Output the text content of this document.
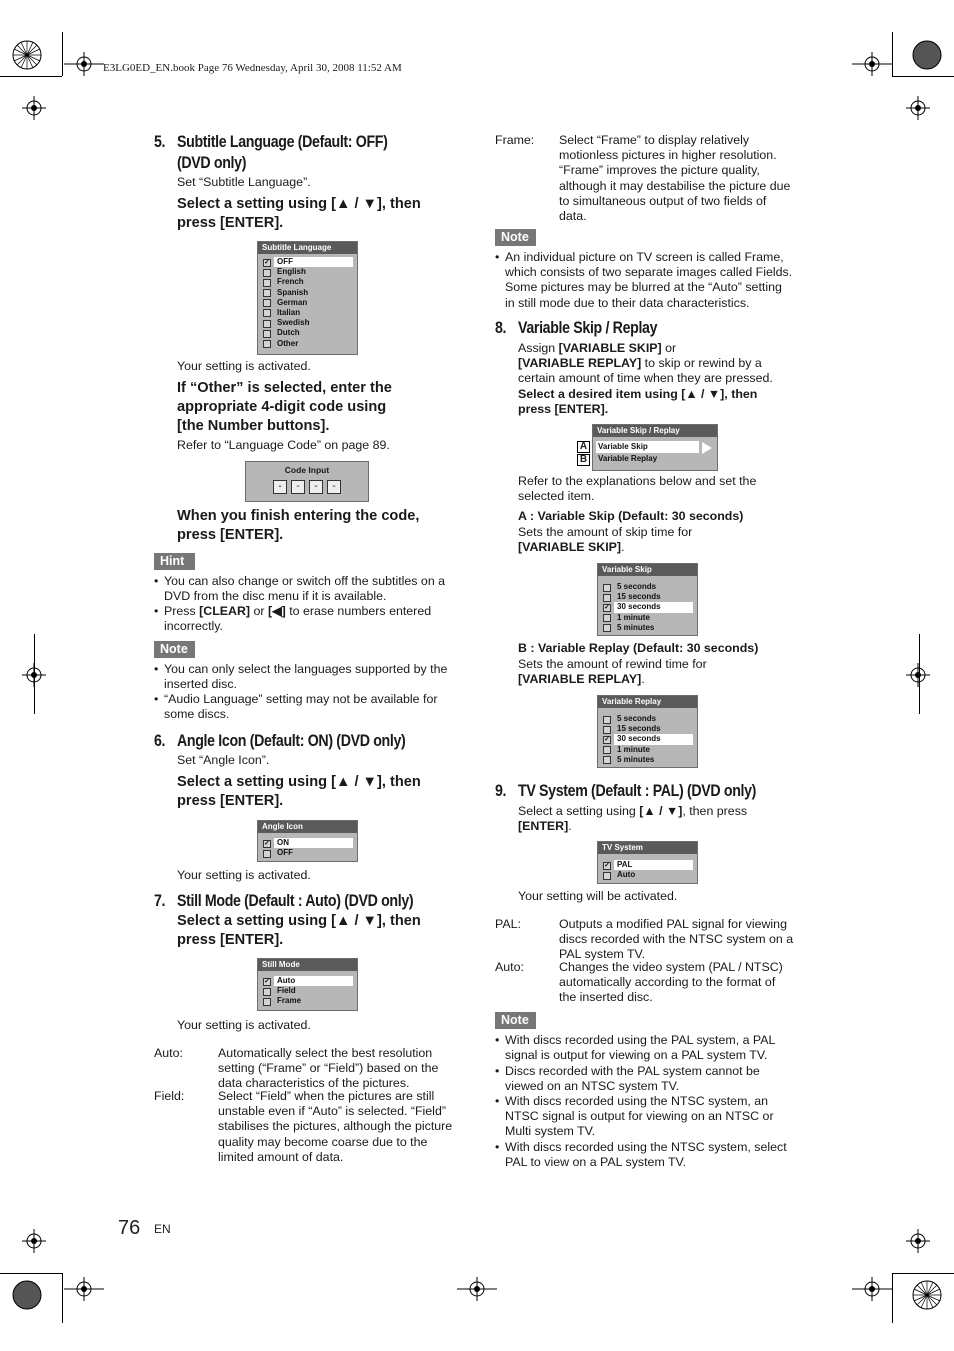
E3LG0ED_EN.book Page 76 Wednesday, April 30, 2008 11:52 AM
5. Subtitle Language (Default: OFF)
(DVD only)
Set “Subtitle Language”.
Select a setting using [▲ / ▼], then
press [ENTER].
Subtitle Language
✓ OFF
English
French
Spanish
German
Italian
Swedish
Dutch
Other
Your setting is activated.
If “Other” is selected, enter the
appropriate 4-digit code using
[the Number buttons].
Refer to “Language Code” on page 89.
Code Input
- - - -
When you finish entering the code,
press [ENTER].
Hint
• You can also change or switch off the subtitles on a
DVD from the disc menu if it is available.
• Press [CLEAR] or [◀] to erase numbers entered
incorrectly.
Note
• You can only select the languages supported by the
inserted disc.
• “Audio Language” setting may not be available for
some discs.
6. Angle Icon (Default: ON) (DVD only)
Set “Angle Icon”.
Select a setting using [▲ / ▼], then
press [ENTER].
Angle Icon
✓ ON
OFF
Your setting is activated.
7. Still Mode (Default : Auto) (DVD only)
Select a setting using [▲ / ▼], then
press [ENTER].
Still Mode
✓ Auto
Field
Frame
Your setting is activated.
Auto:	Automatically select the best resolution
setting (“Frame” or “Field”) based on the
data characteristics of the pictures.
Field:	Select “Field” when the pictures are still
unstable even if “Auto” is selected. “Field”
stabilises the pictures, although the picture
quality may become coarse due to the
limited amount of data.
Frame: Select “Frame” to display relatively
motionless pictures in higher resolution.
“Frame” improves the picture quality,
although it may destabilise the picture due
to simultaneous output of two fields of
data.
Note
• An individual picture on TV screen is called Frame,
which consists of two separate images called Fields.
Some pictures may be blurred at the “Auto” setting
in still mode due to their data characteristics.
8. Variable Skip / Replay
Assign [VARIABLE SKIP] or
[VARIABLE REPLAY] to skip or rewind by a
certain amount of time when they are pressed.
Select a desired item using [▲ / ▼], then
press [ENTER].
A
B
Variable Skip / Replay
Variable Skip
Variable Replay
Refer to the explanations below and set the
selected item.
A : Variable Skip (Default: 30 seconds)
Sets the amount of skip time for
[VARIABLE SKIP].
Variable Skip
5 seconds
15 seconds
✓ 30 seconds
1 minute
5 minutes
B : Variable Replay (Default: 30 seconds)
Sets the amount of rewind time for
[VARIABLE REPLAY].
Variable Replay
5 seconds
15 seconds
✓ 30 seconds
1 minute
5 minutes
9. TV System (Default : PAL) (DVD only)
Select a setting using [▲ / ▼], then press
[ENTER].
TV System
✓ PAL
Auto
Your setting will be activated.
PAL:	Outputs a modified PAL signal for viewing
discs recorded with the NTSC system on a
PAL system TV.
Auto:	Changes the video system (PAL / NTSC)
automatically according to the format of
the inserted disc.
Note
• With discs recorded using the PAL system, a PAL
signal is output for viewing on a PAL system TV.
• Discs recorded with the PAL system cannot be
viewed on an NTSC system TV.
• With discs recorded using the NTSC system, an
NTSC signal is output for viewing on an NTSC or
Multi system TV.
• With discs recorded using the NTSC system, select
PAL to view on a PAL system TV.
76 EN
